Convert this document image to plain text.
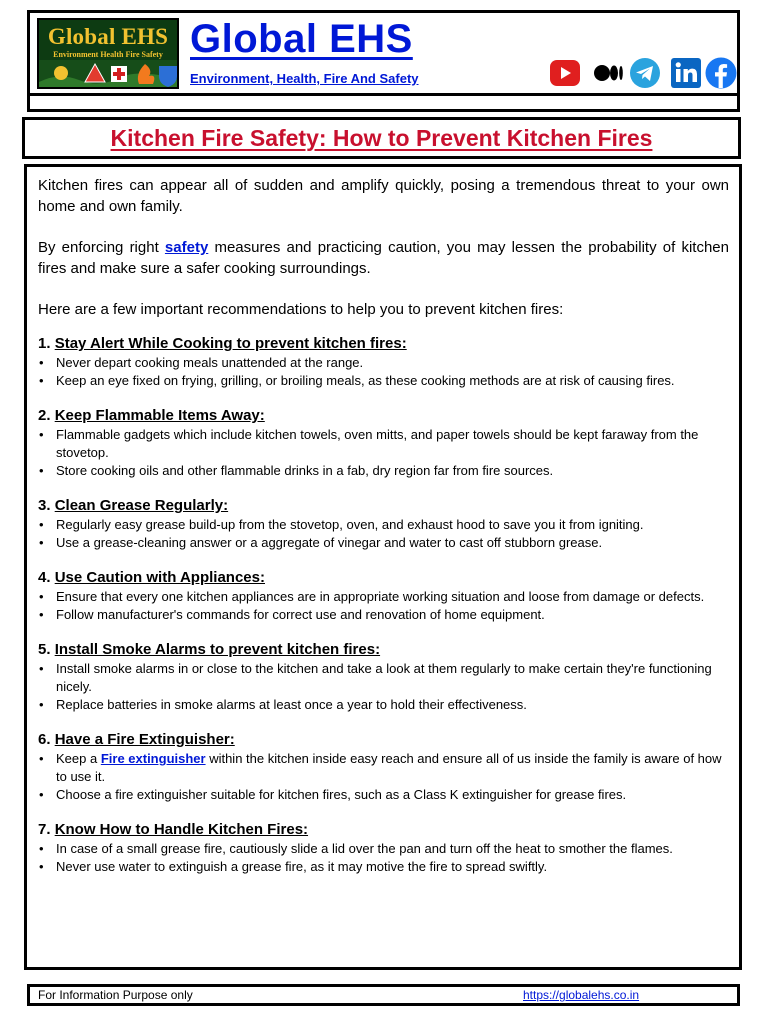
Global EHS
Environment Health Fire Safety Global EHS
Environment, Health, Fire And Safety
Kitchen Fire Safety: How to Prevent Kitchen Fires

Kitchen fires can appear all of sudden and amplify quickly, posing a tremendous threat to your own home and own family.

By enforcing right safety measures and practicing caution, you may lessen the probability of kitchen fires and make sure a safer cooking surroundings.

Here are a few important recommendations to help you to prevent kitchen fires:

1. Stay Alert While Cooking to prevent kitchen fires:

• Never depart cooking meals unattended at the range.
• Keep an eye fixed on frying, grilling, or broiling meals, as these cooking methods are at risk of causing fires.

2. Keep Flammable Items Away:

• Flammable gadgets which include kitchen towels, oven mitts, and paper towels should be kept faraway from the stovetop.
• Store cooking oils and other flammable drinks in a fab, dry region far from fire sources.

3. Clean Grease Regularly:

• Regularly easy grease build-up from the stovetop, oven, and exhaust hood to save you it from igniting.
• Use a grease-cleaning answer or a aggregate of vinegar and water to cast off stubborn grease.

4. Use Caution with Appliances:

• Ensure that every one kitchen appliances are in appropriate working situation and loose from damage or defects.
• Follow manufacturer's commands for correct use and renovation of home equipment.

5. Install Smoke Alarms to prevent kitchen fires:

• Install smoke alarms in or close to the kitchen and take a look at them regularly to make certain they're functioning nicely.
• Replace batteries in smoke alarms at least once a year to hold their effectiveness.

6. Have a Fire Extinguisher:

• Keep a Fire extinguisher within the kitchen inside easy reach and ensure all of us inside the family is aware of how to use it.
• Choose a fire extinguisher suitable for kitchen fires, such as a Class K extinguisher for grease fires.

7. Know How to Handle Kitchen Fires:

• In case of a small grease fire, cautiously slide a lid over the pan and turn off the heat to smother the flames.
• Never use water to extinguish a grease fire, as it may motive the fire to spread swiftly.
For Information Purpose only	https://globalehs.co.in
